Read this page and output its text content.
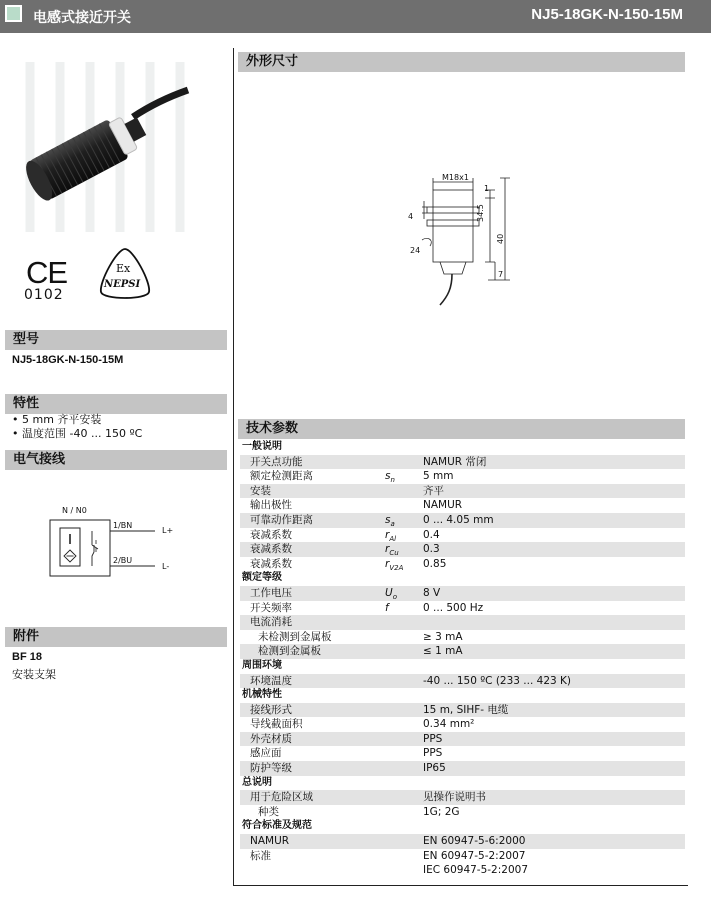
电感式接近开关	NJ5-18GK-N-150-15M
CE
0102
Ex
NEPSI
型号
NJ5-18GK-N-150-15M
特性
• 5 mm 齐平安装
• 温度范围 -40 ... 150 ºC
电气接线
N / N0
1/BN
2/BU
L+
L-
附件
BF 18
安装支架
外形尺寸
M18x1
1
34.5
40
4
24
7
技术参数
一般说明
开关点功能	NAMUR 常闭
额定检测距离	$s_n$	5 mm
安装	齐平
输出极性	NAMUR
可靠动作距离	$s_a$	0 ... 4.05 mm
衰减系数	$r_{Al}$	0.4
衰减系数	$r_{Cu}$ 0.3
衰减系数	$r_{V2A}$ 0.85
额定等级
工作电压	$U_o$ 8 V
开关频率	f	0 ... 500 Hz
电流消耗
未检测到金属板	≥ 3 mA
检测到金属板	≤ 1 mA
周围环境
环境温度	-40 ... 150 ºC (233 ... 423 K)
机械特性
接线形式	15 m, SIHF- 电缆
导线截面积	0.34 mm²
外壳材质	PPS
感应面	PPS
防护等级	IP65
总说明
用于危险区域	见操作说明书
种类	1G; 2G
符合标准及规范
NAMUR	EN 60947-5-6:2000
标准	EN 60947-5-2:2007
IEC 60947-5-2:2007
